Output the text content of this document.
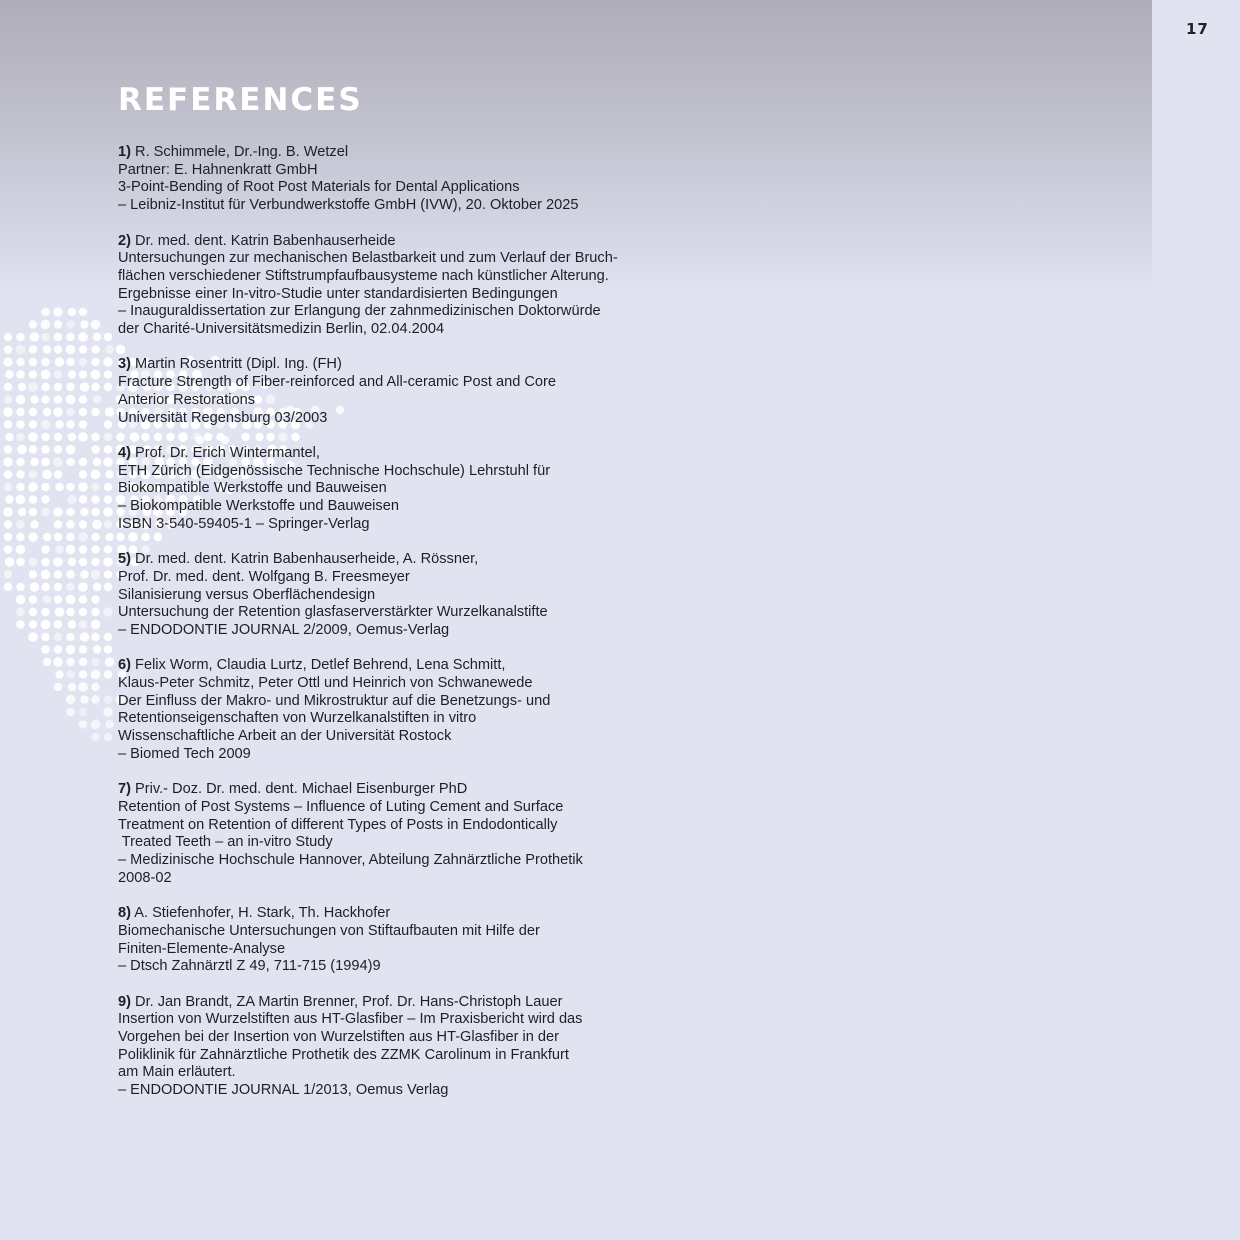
17
REFERENCES
1) R. Schimmele, Dr.-Ing. B. Wetzel
Partner: E. Hahnenkratt GmbH
3-Point-Bending of Root Post Materials for Dental Applications
– Leibniz-Institut für Verbundwerkstoffe GmbH (IVW), 20. Oktober 2025
2) Dr. med. dent. Katrin Babenhauserheide
Untersuchungen zur mechanischen Belastbarkeit und zum Verlauf der Bruch-
flächen verschiedener Stiftstrumpfaufbausysteme nach künstlicher Alterung.
Ergebnisse einer In-vitro-Studie unter standardisierten Bedingungen
– Inauguraldissertation zur Erlangung der zahnmedizinischen Doktorwürde
der Charité-Universitätsmedizin Berlin, 02.04.2004
3) Martin Rosentritt (Dipl. Ing. (FH)
Fracture Strength of Fiber-reinforced and All-ceramic Post and Core
Anterior Restorations
Universität Regensburg 03/2003
4) Prof. Dr. Erich Wintermantel,
ETH Zürich (Eidgenössische Technische Hochschule) Lehrstuhl für
Biokompatible Werkstoffe und Bauweisen
– Biokompatible Werkstoffe und Bauweisen
ISBN 3-540-59405-1 – Springer-Verlag
5) Dr. med. dent. Katrin Babenhauserheide, A. Rössner,
Prof. Dr. med. dent. Wolfgang B. Freesmeyer
Silanisierung versus Oberflächendesign
Untersuchung der Retention glasfaserverstärkter Wurzelkanalstifte
– ENDODONTIE JOURNAL 2/2009, Oemus-Verlag
6) Felix Worm, Claudia Lurtz, Detlef Behrend, Lena Schmitt,
Klaus-Peter Schmitz, Peter Ottl und Heinrich von Schwanewede
Der Einfluss der Makro- und Mikrostruktur auf die Benetzungs- und
Retentionseigenschaften von Wurzelkanalstiften in vitro
Wissenschaftliche Arbeit an der Universität Rostock
– Biomed Tech 2009
7) Priv.- Doz. Dr. med. dent. Michael Eisenburger PhD
Retention of Post Systems – Influence of Luting Cement and Surface
Treatment on Retention of different Types of Posts in Endodontically
Treated Teeth – an in-vitro Study
– Medizinische Hochschule Hannover, Abteilung Zahnärztliche Prothetik
2008-02
8) A. Stiefenhofer, H. Stark, Th. Hackhofer
Biomechanische Untersuchungen von Stiftaufbauten mit Hilfe der
Finiten-Elemente-Analyse
– Dtsch Zahnärztl Z 49, 711-715 (1994)9
9) Dr. Jan Brandt, ZA Martin Brenner, Prof. Dr. Hans-Christoph Lauer
Insertion von Wurzelstiften aus HT-Glasfiber – Im Praxisbericht wird das
Vorgehen bei der Insertion von Wurzelstiften aus HT-Glasfiber in der
Poliklinik für Zahnärztliche Prothetik des ZZMK Carolinum in Frankfurt
am Main erläutert.
– ENDODONTIE JOURNAL 1/2013, Oemus Verlag
